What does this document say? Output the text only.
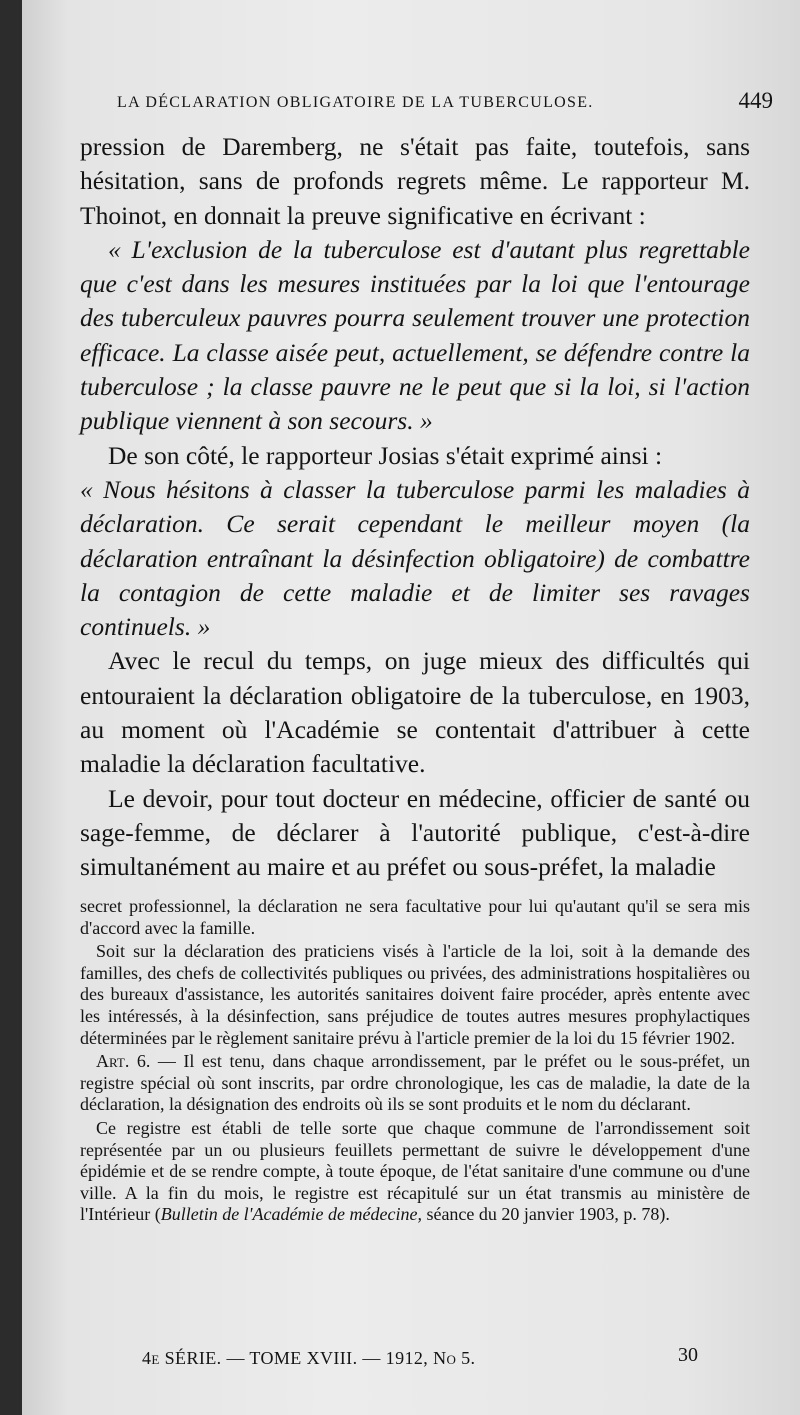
LA DÉCLARATION OBLIGATOIRE DE LA TUBERCULOSE.	449

pression de Daremberg, ne s'était pas faite, toutefois, sans hésitation, sans de profonds regrets même. Le rapporteur M. Thoinot, en donnait la preuve significative en écrivant :

« L'exclusion de la tuberculose est d'autant plus regrettable que c'est dans les mesures instituées par la loi que l'entourage des tuberculeux pauvres pourra seulement trouver une protection efficace. La classe aisée peut, actuellement, se défendre contre la tuberculose ; la classe pauvre ne le peut que si la loi, si l'action publique viennent à son secours. »

De son côté, le rapporteur Josias s'était exprimé ainsi :

« Nous hésitons à classer la tuberculose parmi les maladies à déclaration. Ce serait cependant le meilleur moyen (la déclaration entraînant la désinfection obligatoire) de combattre la contagion de cette maladie et de limiter ses ravages continuels. »

Avec le recul du temps, on juge mieux des difficultés qui entouraient la déclaration obligatoire de la tuberculose, en 1903, au moment où l'Académie se contentait d'attribuer à cette maladie la déclaration facultative.

Le devoir, pour tout docteur en médecine, officier de santé ou sage-femme, de déclarer à l'autorité publique, c'est-à-dire simultanément au maire et au préfet ou sous-préfet, la maladie

secret professionnel, la déclaration ne sera facultative pour lui qu'autant qu'il se sera mis d'accord avec la famille.

Soit sur la déclaration des praticiens visés à l'article de la loi, soit à la demande des familles, des chefs de collectivités publiques ou privées, des administrations hospitalières ou des bureaux d'assistance, les autorités sanitaires doivent faire procéder, après entente avec les intéressés, à la désinfection, sans préjudice de toutes autres mesures prophylactiques déterminées par le règlement sanitaire prévu à l'article premier de la loi du 15 février 1902.

Art. 6. — Il est tenu, dans chaque arrondissement, par le préfet ou le sous-préfet, un registre spécial où sont inscrits, par ordre chronologique, les cas de maladie, la date de la déclaration, la désignation des endroits où ils se sont produits et le nom du déclarant.

Ce registre est établi de telle sorte que chaque commune de l'arrondissement soit représentée par un ou plusieurs feuillets permettant de suivre le développement d'une épidémie et de se rendre compte, à toute époque, de l'état sanitaire d'une commune ou d'une ville. A la fin du mois, le registre est récapitulé sur un état transmis au ministère de l'Intérieur (Bulletin de l'Académie de médecine, séance du 20 janvier 1903, p. 78).

4e SÉRIE. — TOME XVIII. — 1912, No 5.	30
